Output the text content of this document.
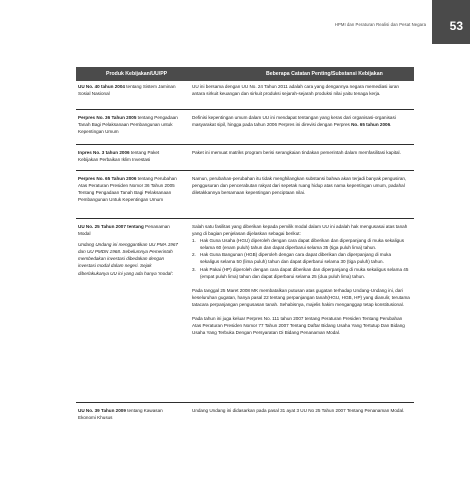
HPMI dan Peraturan Realisi dan Pesat Negara 53
Produk Kebijakan/UU/PP	Beberapa Catatan Penting/Substansi Kebijakan
UU No. 40 tahun 2004 tentang Sistem Jaminan Sosial Nasional
UU ini bersama dengan UU No. 24 Tahun 2011 adalah cara yang dengannya negara memediasi iuran antara sirkuit keuangan dan sirkuit produksi sejarah-sejarah produksi nilai yaitu tenaga kerja.
Perpres No. 36 Tahun 2005 tentang Pengadaan Tanah Bagi Pelaksanaan Pembangunan untuk Kepentingan Umum
Definisi kepentingan umum dalam UU ini mendapat tentangan yang keras dari organisasi-organisasi masyarakat sipil, hingga pada tahun 2006 Perpres ini direvisi dengan Perpres No. 65 tahun 2006.
Inpres No. 3 tahun 2006 tentang Paket Kebijakan Perbaikan Iklim Investasi
Paket ini memuat matriks program berisi serangkaian tindakan pemerintah dalam memfasilitasi kapital.
Perpres No. 65 Tahun 2006 tentang Perubahan Atas Peraturan Presiden Nomor 36 Tahun 2005 Tentang Pengadaan Tanah Bagi Pelaksanaan Pembangunan Untuk Kepentingan Umum
Namun, perubahan-perubahan itu tidak menghilangkan substansi bahwa akan terjadi banyak pengusiran, penggusuran dan pencerabutan rakyat dari sepetak ruang hidup atas nama kepentingan umum, padahal diletakkannya bersamaan kepentingan penciptaan nilai.
UU No. 25 Tahun 2007 tentang Penanaman Modal
Undang Undang ini menggantikan UU PMA 1967 dan UU PMDN 1968. Sebelumnya Pemerintah membedakan investasi dibedakan dengan investasi modal dalam negeri. Sejak diberlakukanya UU ini yang ada hanya 'modal'.
Salah satu fasilitas yang diberikan kepada pemilik modal dalam UU ini adalah hak mengusasai atas tanah yang di bagian penjelasan dijelaskan sebagai berikut:
1. Hak Guna Usaha (HGU) diperoleh dengan cara dapat diberikan dan diperpanjang di muka sekaligus selama 60 (enam puluh) tahun dan dapat diperbarui selama 35 (tiga puluh lima) tahun.
2. Hak Guna Bangunan (HGB) diperoleh dengan cara dapat diberikan dan diperpanjang di muka sekaligus selama 50 (lima puluh) tahun dan dapat diperbarui selama 30 (tiga puluh) tahun.
3. Hak Pakai (HP) diperoleh dengan cara dapat diberikan dan diperpanjang di muka sekaligus selama 45 (empat puluh lima) tahun dan dapat diperbarui selama 25 (dua puluh lima) tahun.
Pada tanggal 25 Maret 2008 MK membatalkan putusan atas gugatan terhadap Undang-Undang ini, dari keseluruhan gugatan, hanya pasal 22 tentang perpanjangan tanah(HGU, HGB, HP) yang dianulir, terutama tatacara perpanjangan pengusasan tanah. Sehabisnya, majelis hakim menganggap tetap konstitusional.
Pada tahun ini juga keluar Perpres No. 111 tahun 2007 tentang Peraturan Presiden Tentang Perubahan Atas Peraturan Presiden Nomor 77 Tahun 2007 Tentang Daftar Bidang Usaha Yang Tertutup Dan Bidang Usaha Yang Terbuka Dengan Persyaratan Di Bidang Penanaman Modal.
UU No. 39 Tahun 2009 tentang Kawasan Ekonomi Khusus
Undang Undang ini didasarkan pada pasal 31 ayat 3 UU No 25 Tahun 2007 Tentang Penanaman Modal.
